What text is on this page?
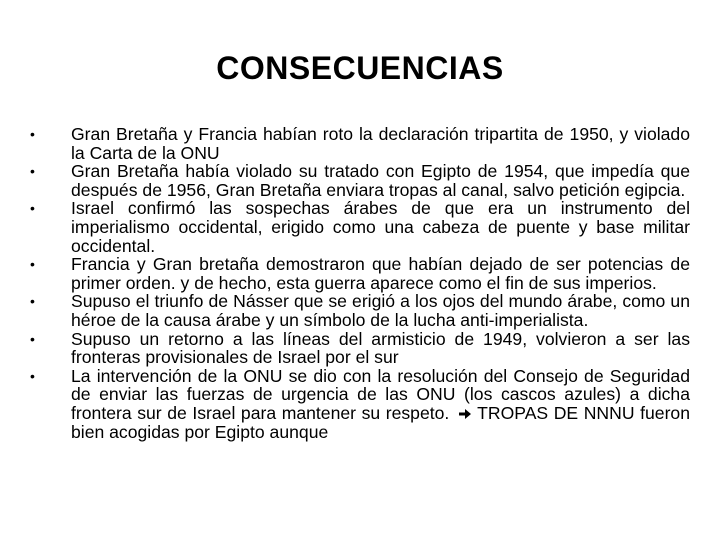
CONSECUENCIAS
•	Gran Bretaña y Francia habían roto la declaración tripartita de 1950, y violado la Carta de la ONU
•	Gran Bretaña había violado su tratado con Egipto de 1954, que impedía que después de 1956, Gran Bretaña enviara tropas al canal, salvo petición egipcia.
•	Israel confirmó las sospechas árabes de que era un instrumento del imperialismo occidental, erigido como una cabeza de puente y base militar occidental.
•	Francia y Gran bretaña demostraron que habían dejado de ser potencias de primer orden. y de hecho, esta guerra aparece como el fin de sus imperios.
•	Supuso el triunfo de Násser que se erigió a los ojos del mundo árabe, como un héroe de la causa árabe y un símbolo de la lucha anti-imperialista.
•	Supuso un retorno a las líneas del armisticio de 1949, volvieron a ser las fronteras provisionales de Israel por el sur
•	La intervención de la ONU se dio con la resolución del Consejo de Seguridad de enviar las fuerzas de urgencia de las ONU (los cascos azules) a dicha frontera sur de Israel para mantener su respeto. TROPAS DE NNNU fueron bien acogidas por Egipto aunque
